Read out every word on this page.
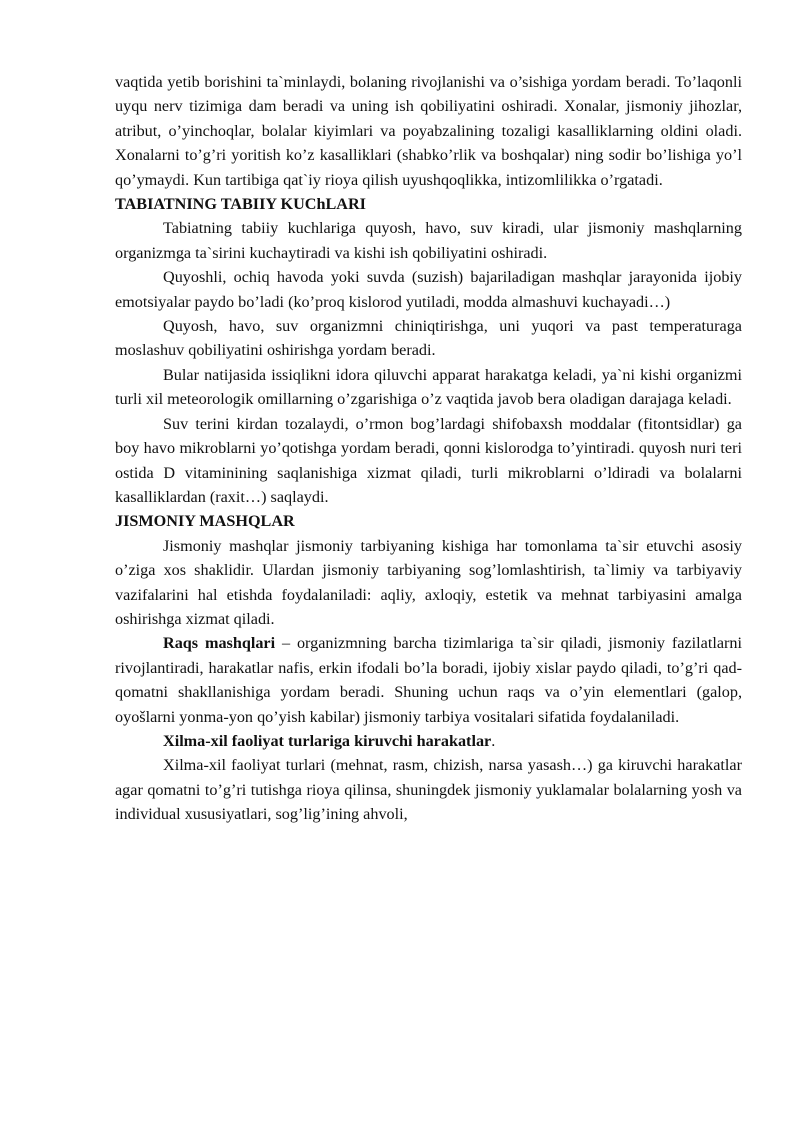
vaqtida yetib borishini ta`minlaydi, bolaning rivojlanishi va o’sishiga yordam beradi. To’laqonli uyqu nerv tizimiga dam beradi va uning ish qobiliyatini oshiradi. Xonalar, jismoniy jihozlar, atribut, o’yinchoqlar, bolalar kiyimlari va poyabzalining tozaligi kasalliklarning oldini oladi. Xonalarni to’g’ri yoritish ko’z kasalliklari (shabko’rlik va boshqalar) ning sodir bo’lishiga yo’l qo’ymaydi. Kun tartibiga qat`iy rioya qilish uyushqoqlikka, intizomlilikka o’rgatadi.

TABIATNING TABIIY KUChLARI

Tabiatning tabiiy kuchlariga quyosh, havo, suv kiradi, ular jismoniy mashqlarning organizmga ta`sirini kuchaytiradi va kishi ish qobiliyatini oshiradi.

Quyoshli, ochiq havoda yoki suvda (suzish) bajariladigan mashqlar jarayonida ijobiy emotsiyalar paydo bo’ladi (ko’proq kislorod yutiladi, modda almashuvi kuchayadi…)

Quyosh, havo, suv organizmni chiniqtirishga, uni yuqori va past temperaturaga moslashuv qobiliyatini oshirishga yordam beradi.

Bular natijasida issiqlikni idora qiluvchi apparat harakatga keladi, ya`ni kishi organizmi turli xil meteorologik omillarning o’zgarishiga o’z vaqtida javob bera oladigan darajaga keladi.

Suv terini kirdan tozalaydi, o’rmon bog’lardagi shifobaxsh moddalar (fitontsidlar) ga boy havo mikroblarni yo’qotishga yordam beradi, qonni kislorodga to’yintiradi. quyosh nuri teri ostida D vitaminining saqlanishiga xizmat qiladi, turli mikroblarni o’ldiradi va bolalarni kasalliklardan (raxit…) saqlaydi.

JISMONIY MASHQLAR

Jismoniy mashqlar jismoniy tarbiyaning kishiga har tomonlama ta`sir etuvchi asosiy o’ziga xos shaklidir. Ulardan jismoniy tarbiyaning sog’lomlashtirish, ta`limiy va tarbiyaviy vazifalarini hal etishda foydalaniladi: aqliy, axloqiy, estetik va mehnat tarbiyasini amalga oshirishga xizmat qiladi.

Raqs mashqlari – organizmning barcha tizimlariga ta`sir qiladi, jismoniy fazilatlarni rivojlantiradi, harakatlar nafis, erkin ifodali bo’la boradi, ijobiy xislar paydo qiladi, to’g’ri qad-qomatni shakllanishiga yordam beradi. Shuning uchun raqs va o’yin elementlari (galop, oyošlarni yonma-yon qo’yish kabilar) jismoniy tarbiya vositalari sifatida foydalaniladi.

Xilma-xil faoliyat turlariga kiruvchi harakatlar.

Xilma-xil faoliyat turlari (mehnat, rasm, chizish, narsa yasash…) ga kiruvchi harakatlar agar qomatni to’g’ri tutishga rioya qilinsa, shuningdek jismoniy yuklamalar bolalarning yosh va individual xususiyatlari, sog’lig’ining ahvoli,
